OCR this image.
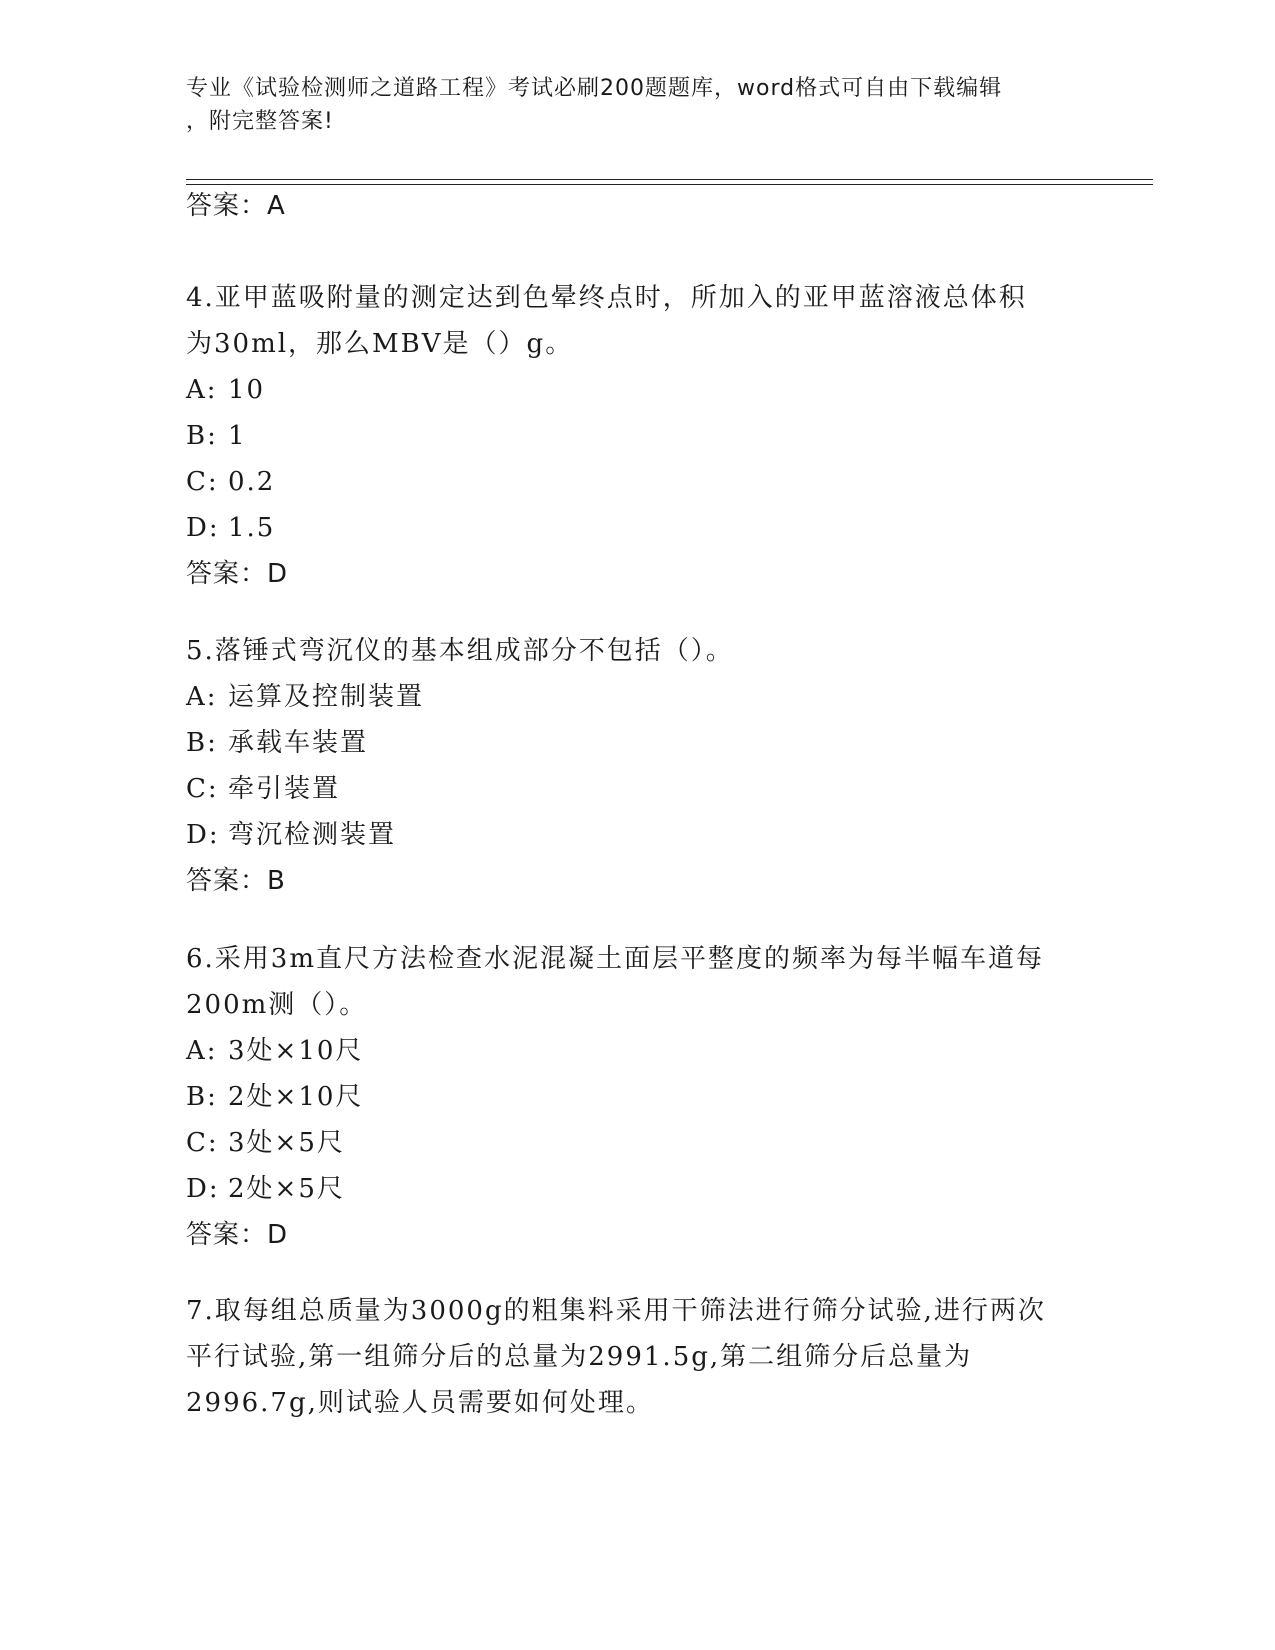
专业《试验检测师之道路工程》考试必刷200题题库，word格式可自由下载编辑
，附完整答案!
答案：A
4.亚甲蓝吸附量的测定达到色晕终点时，所加入的亚甲蓝溶液总体积
为30ml，那么MBV是（）g。
A: 10
B: 1
C: 0.2
D: 1.5
答案：D
5.落锤式弯沉仪的基本组成部分不包括（）。
A: 运算及控制装置
B: 承载车装置
C: 牵引装置
D: 弯沉检测装置
答案：B
6.采用3m直尺方法检查水泥混凝土面层平整度的频率为每半幅车道每
200m测（）。
A: 3处×10尺
B: 2处×10尺
C: 3处×5尺
D: 2处×5尺
答案：D
7.取每组总质量为3000g的粗集料采用干筛法进行筛分试验,进行两次
平行试验,第一组筛分后的总量为2991.5g,第二组筛分后总量为
2996.7g,则试验人员需要如何处理。
